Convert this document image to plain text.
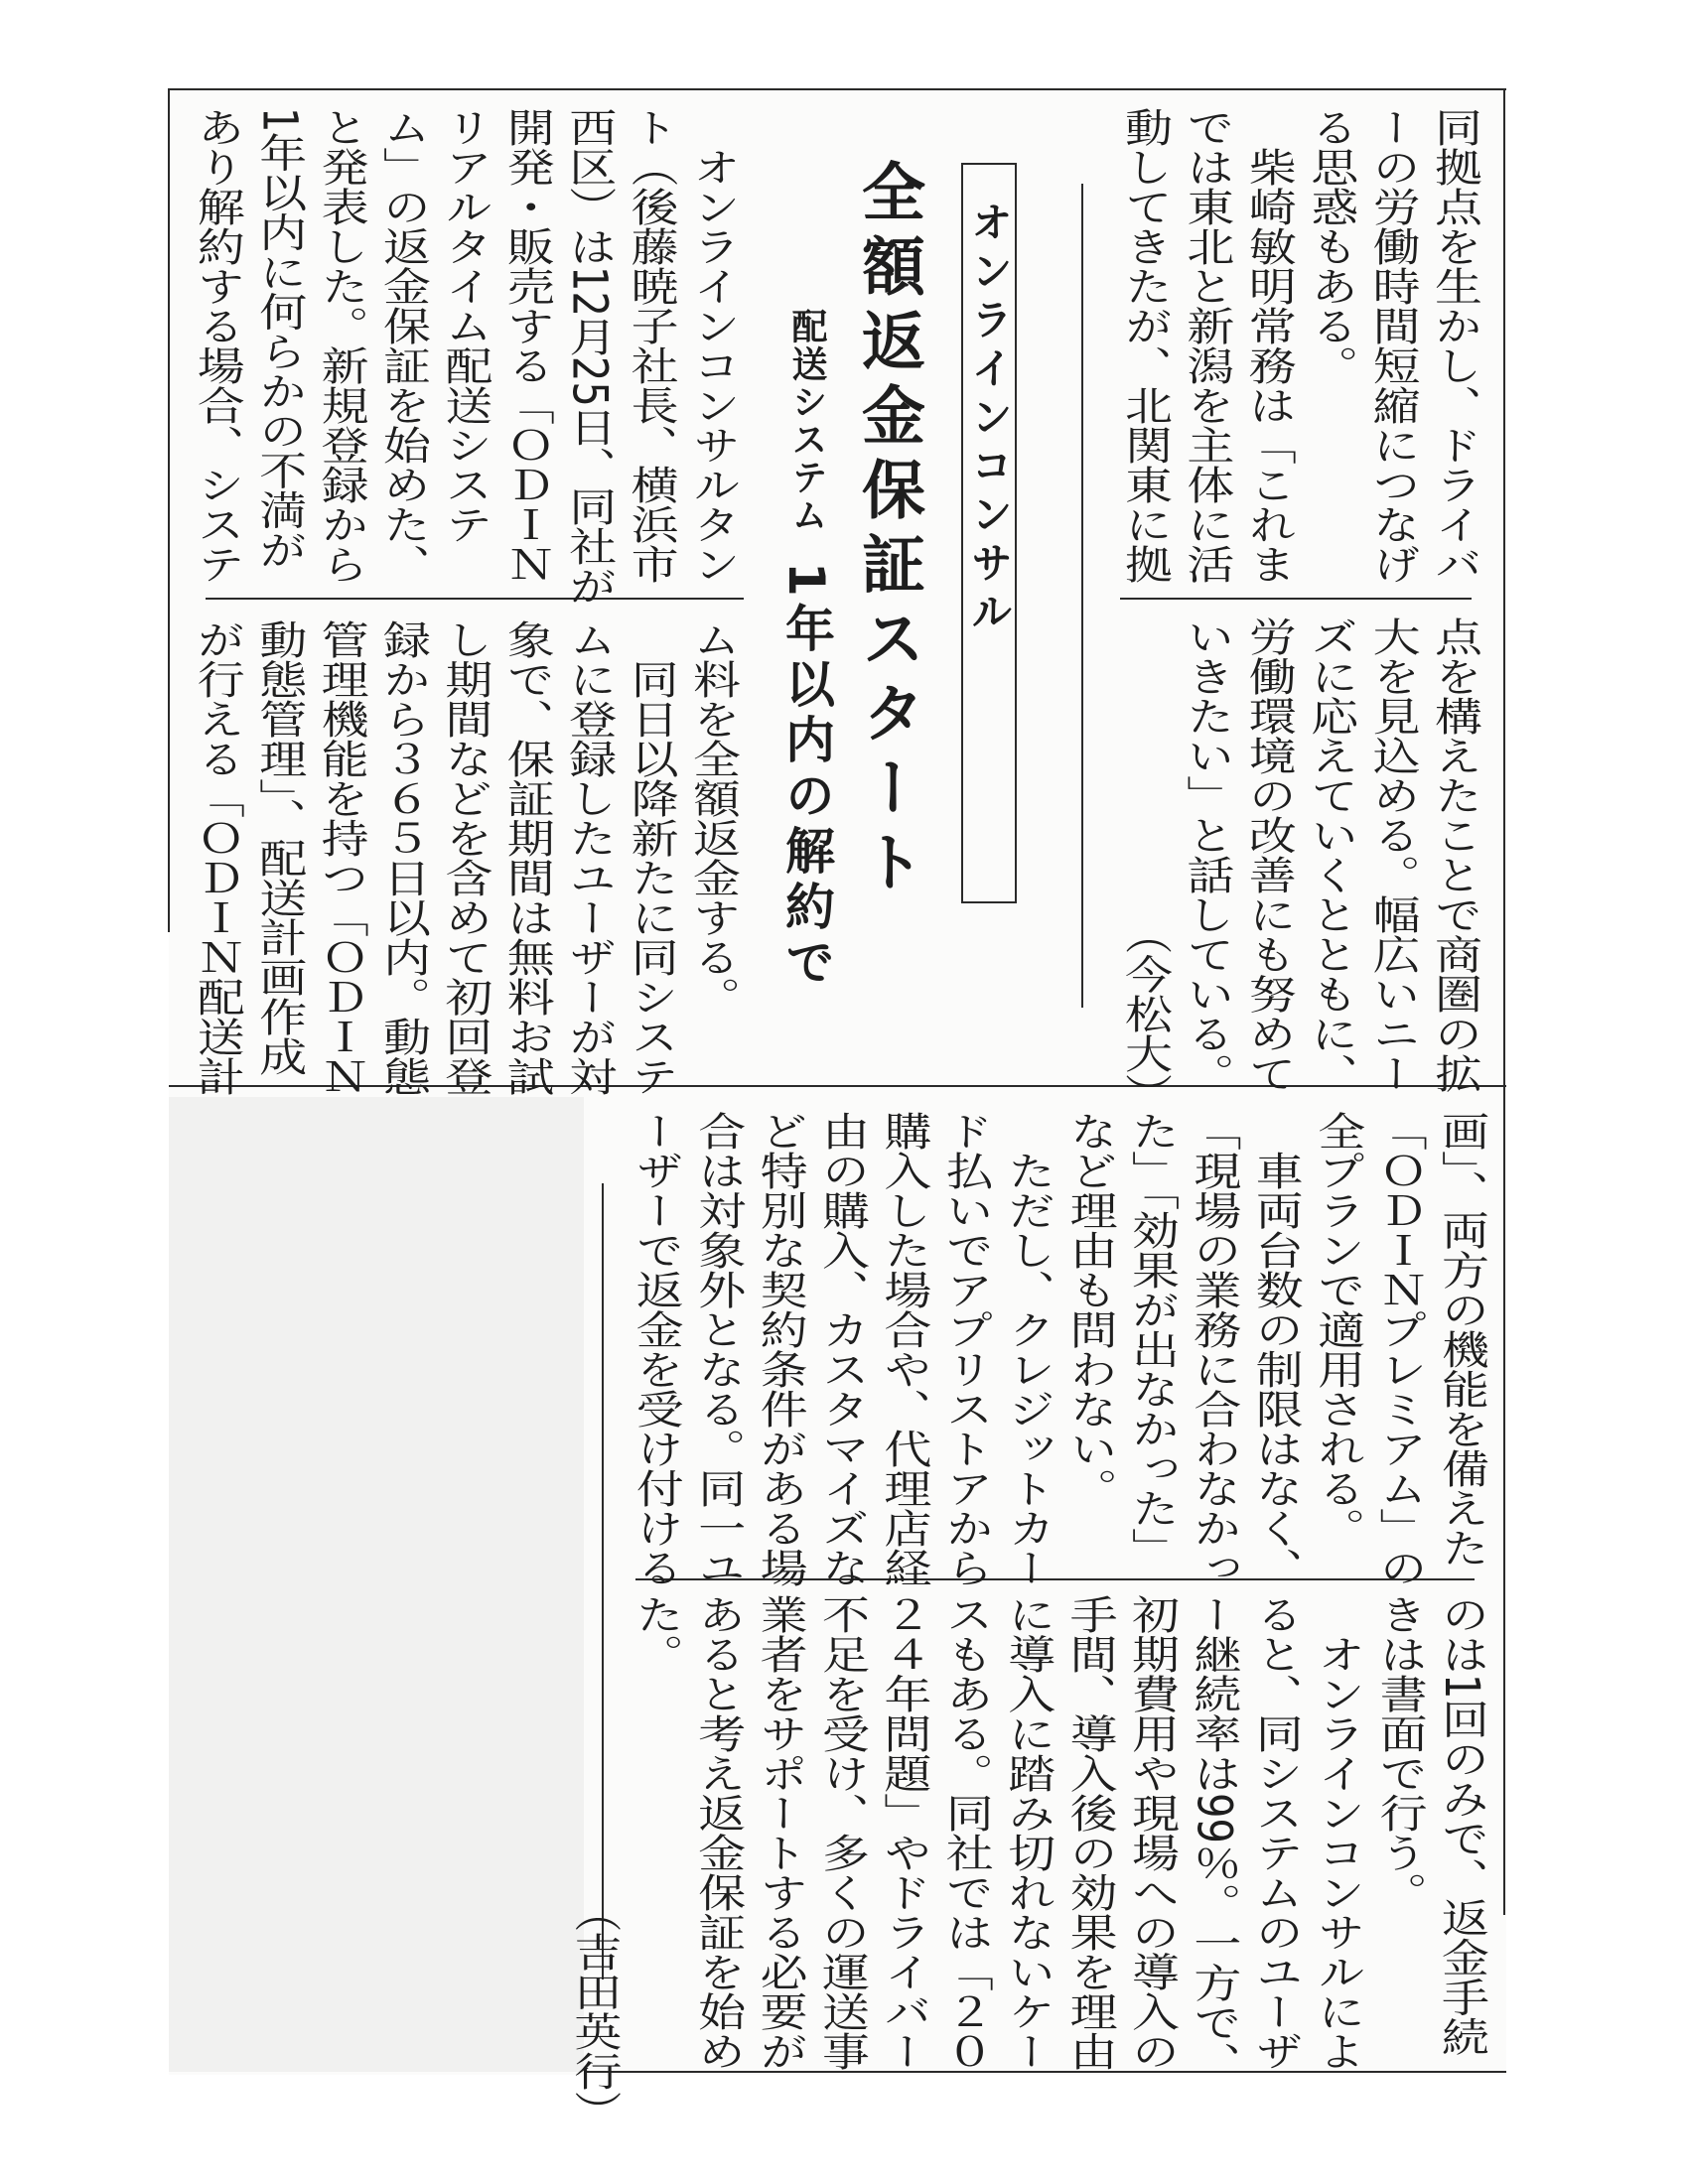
オンラインコンサル
全額返金保証スタート
配送システム1年以内の解約で
同拠点を生かし、ドライバ
ーの労働時間短縮につなげ
る思惑もある。
　柴崎敏明常務は「これま
では東北と新潟を主体に活
動してきたが、北関東に拠
点を構えたことで商圏の拡
大を見込める。幅広いニー
ズに応えていくとともに、
労働環境の改善にも努めて
いきたい」と話している。
　　　　　　　　（今松大）
　オンラインコンサルタン
ト（後藤暁子社長、横浜市
西区）は12月25日、同社が
開発・販売する「ＯＤＩＮ
リアルタイム配送システ
ム」の返金保証を始めた、
と発表した。新規登録から
1年以内に何らかの不満が
あり解約する場合、システ
ム料を全額返金する。
　同日以降新たに同システ
ムに登録したユーザーが対
象で、保証期間は無料お試
し期間などを含めて初回登
録から３６５日以内。動態
管理機能を持つ「ＯＤＩＮ
動態管理」、配送計画作成
が行える「ＯＤＩＮ配送計
画」、両方の機能を備えた
「ＯＤＩＮプレミアム」の
全プランで適用される。
　車両台数の制限はなく、
「現場の業務に合わなかっ
た」「効果が出なかった」
など理由も問わない。
　ただし、クレジットカー
ド払いでアプリストアから
購入した場合や、代理店経
由の購入、カスタマイズな
ど特別な契約条件がある場
合は対象外となる。同一ユ
ーザーで返金を受け付ける
のは1回のみで、返金手続
きは書面で行う。
　オンラインコンサルによ
ると、同システムのユーザ
ー継続率は99％。一方で、
初期費用や現場への導入の
手間、導入後の効果を理由
に導入に踏み切れないケー
スもある。同社では「２０
２４年問題」やドライバー
不足を受け、多くの運送事
業者をサポートする必要が
あると考え返金保証を始め
た。
　　　　　　　　（吉田英行）
